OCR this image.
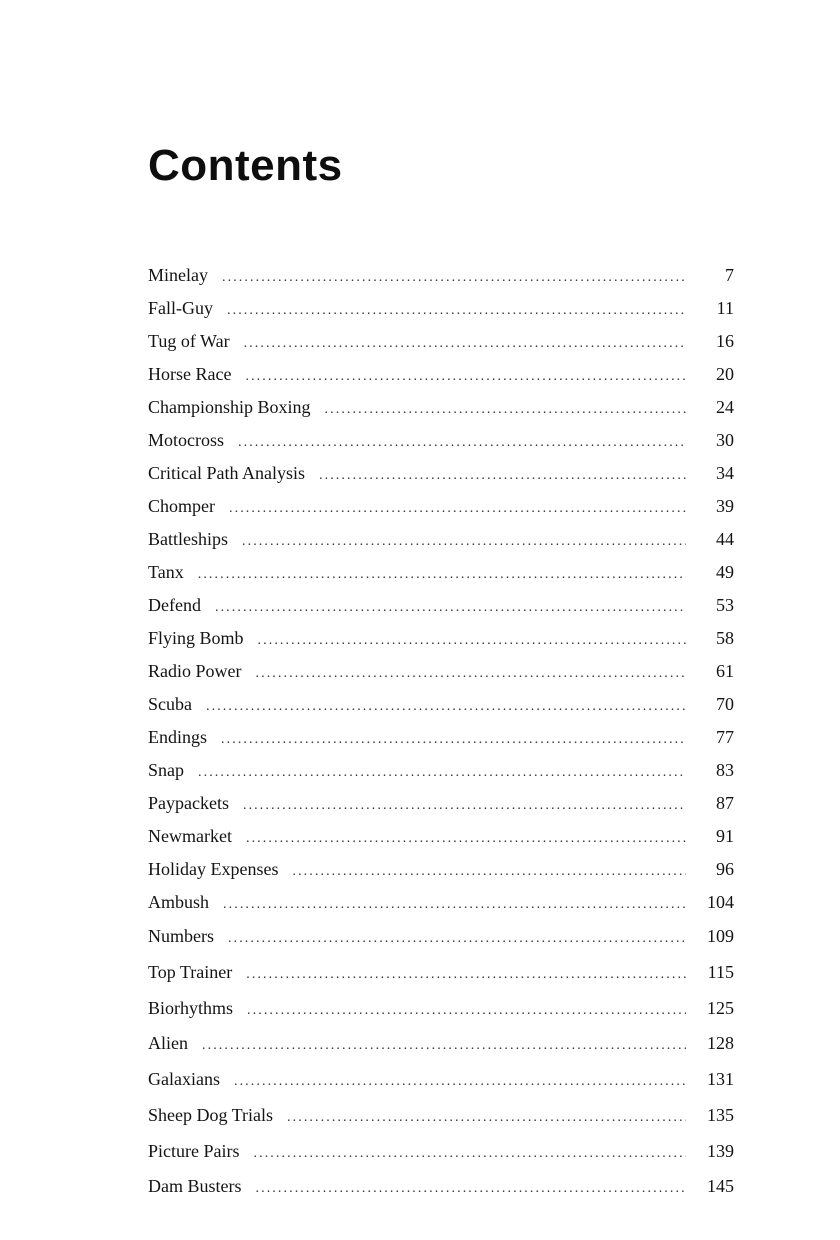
Contents
Minelay .....	7
Fall-Guy .....	11
Tug of War .....	16
Horse Race .....	20
Championship Boxing .....	24
Motocross .....	30
Critical Path Analysis .....	34
Chomper .....	39
Battleships .....	44
Tanx .....	49
Defend .....	53
Flying Bomb .....	58
Radio Power .....	61
Scuba .....	70
Endings .....	77
Snap .....	83
Paypackets .....	87
Newmarket .....	91
Holiday Expenses .....	96
Ambush .....	104
Numbers .....	109
Top Trainer .....	115
Biorhythms .....	125
Alien .....	128
Galaxians .....	131
Sheep Dog Trials .....	135
Picture Pairs .....	139
Dam Busters .....	145
